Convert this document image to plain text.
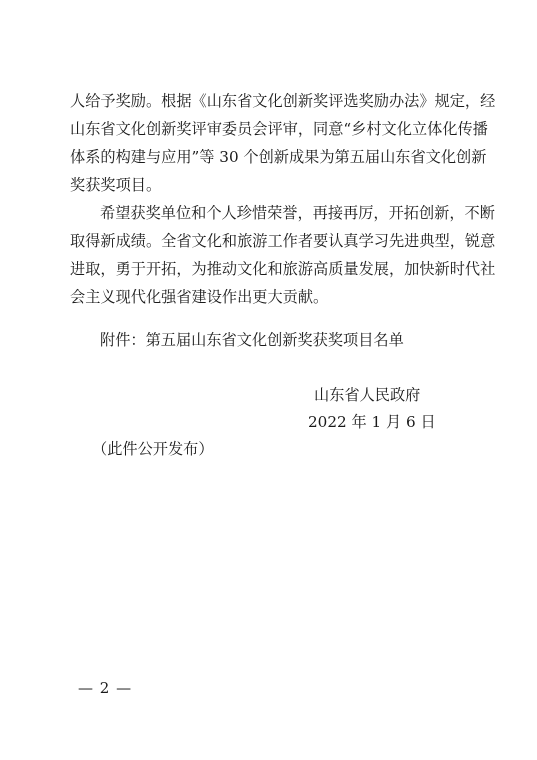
人给予奖励。根据《山东省文化创新奖评选奖励办法》规定，经
山东省文化创新奖评审委员会评审，同意“乡村文化立体化传播
体系的构建与应用”等 30 个创新成果为第五届山东省文化创新
奖获奖项目。
希望获奖单位和个人珍惜荣誉，再接再厉，开拓创新，不断
取得新成绩。全省文化和旅游工作者要认真学习先进典型，锐意
进取，勇于开拓，为推动文化和旅游高质量发展，加快新时代社
会主义现代化强省建设作出更大贡献。
附件：第五届山东省文化创新奖获奖项目名单
山东省人民政府
2022 年 1 月 6 日
（此件公开发布）
— 2 —
